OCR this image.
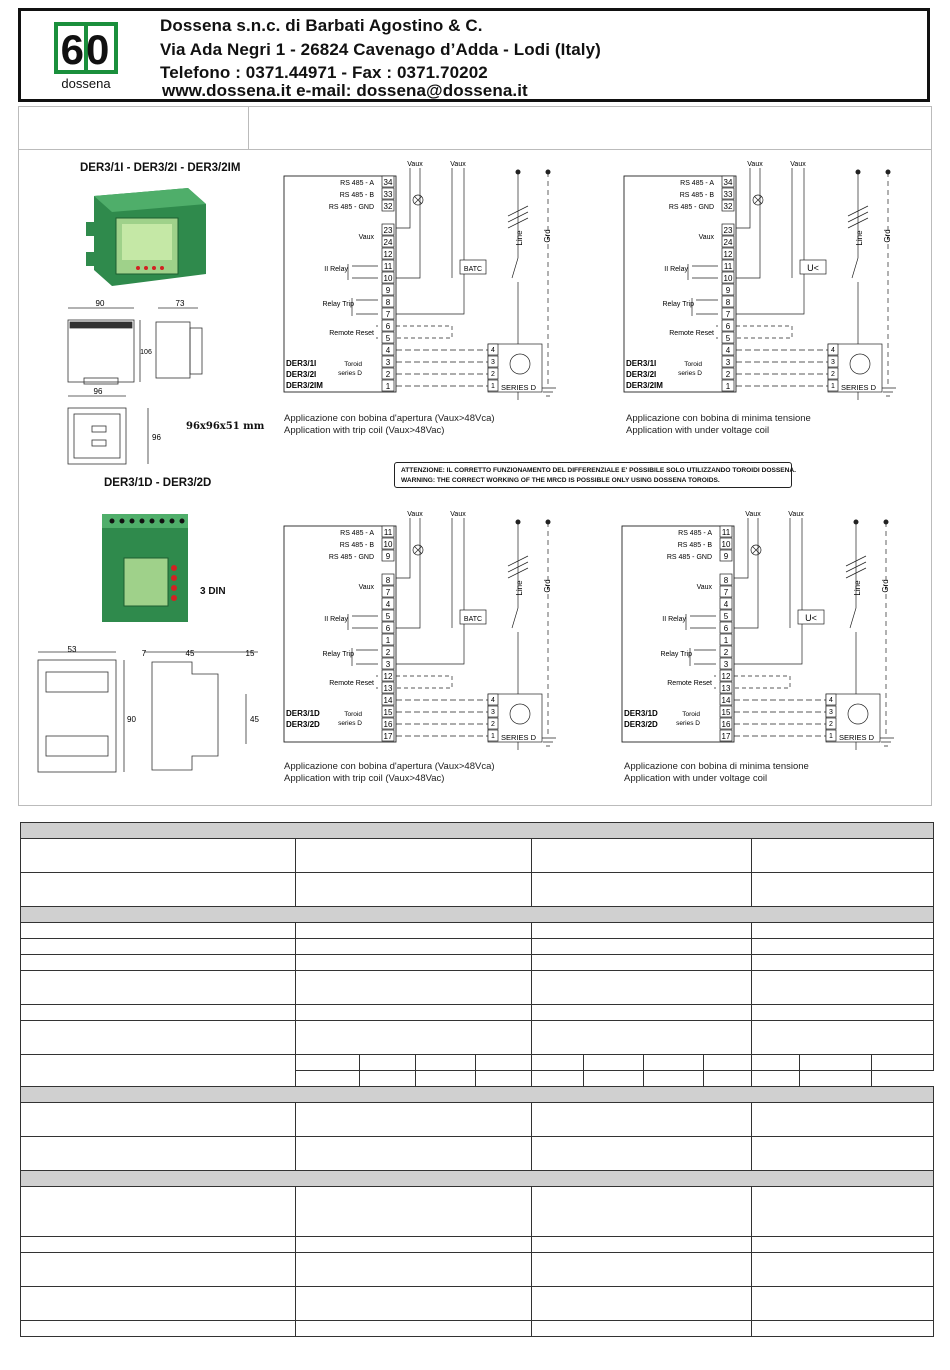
60
dossena
Dossena s.n.c. di Barbati Agostino & C.
Via Ada Negri 1 - 26824 Cavenago d’Adda - Lodi (Italy)
Telefono : 0371.44971 - Fax : 0371.70202
www.dossena.it e-mail: dossena@dossena.it
DER3/1I - DER3/2I - DER3/2IM
90	73
106
96
96
96x96x51 mm
DER3/1D - DER3/2D
3 DIN
53	7	45	15
90	45
34
33
32
23
24
12
11
10
9
8
7
6
5
4
3
2
1
RS 485 - A
RS 485 - B
RS 485 - GND
Vaux
II Relay
Relay Trip
Remote Reset
Toroid
series D
DER3/1I
DER3/2I
DER3/2IM
Vaux	Vaux
BATC
Line Grd
4
3
2
1 SERIES D
34
33
32
23
24
12
11
10
9
8
7
6
5
4
3
2
1
RS 485 - A
RS 485 - B
RS 485 - GND
Vaux
II Relay
Relay Trip
Remote Reset
Toroid
series D
DER3/1I
DER3/2I
DER3/2IM
Vaux	Vaux
U<
Line Grd
4
3
2
1 SERIES D
11
10
9
8
7
4
5
6
1
2
3
12
13
14
15
16
17
RS 485 - A
RS 485 - B
RS 485 - GND
Vaux
II Relay
Relay Trip
Remote Reset
Toroid
series D
DER3/1D
DER3/2D
Vaux	Vaux
BATC
Line Grd
4
3
2
1 SERIES D
11
10
9
8
7
4
5
6
1
2
3
12
13
14
15
16
17
RS 485 - A
RS 485 - B
RS 485 - GND
Vaux
II Relay
Relay Trip
Remote Reset
Toroid
series D
DER3/1D
DER3/2D
Vaux	Vaux
U<
Line Grd
4
3
2
1 SERIES D
Applicazione con bobina d'apertura (Vaux>48Vca)
Application with trip coil (Vaux>48Vac)
Applicazione con bobina di minima tensione
Application with under voltage coil
Applicazione con bobina d'apertura (Vaux>48Vca)
Application with trip coil (Vaux>48Vac)
Applicazione con bobina di minima tensione
Application with under voltage coil
ATTENZIONE: IL CORRETTO FUNZIONAMENTO DEL DIFFERENZIALE E' POSSIBILE SOLO UTILIZZANDO TOROIDI DOSSENA.
WARNING: THE CORRECT WORKING OF THE MRCD IS POSSIBLE ONLY USING DOSSENA TOROIDS.
